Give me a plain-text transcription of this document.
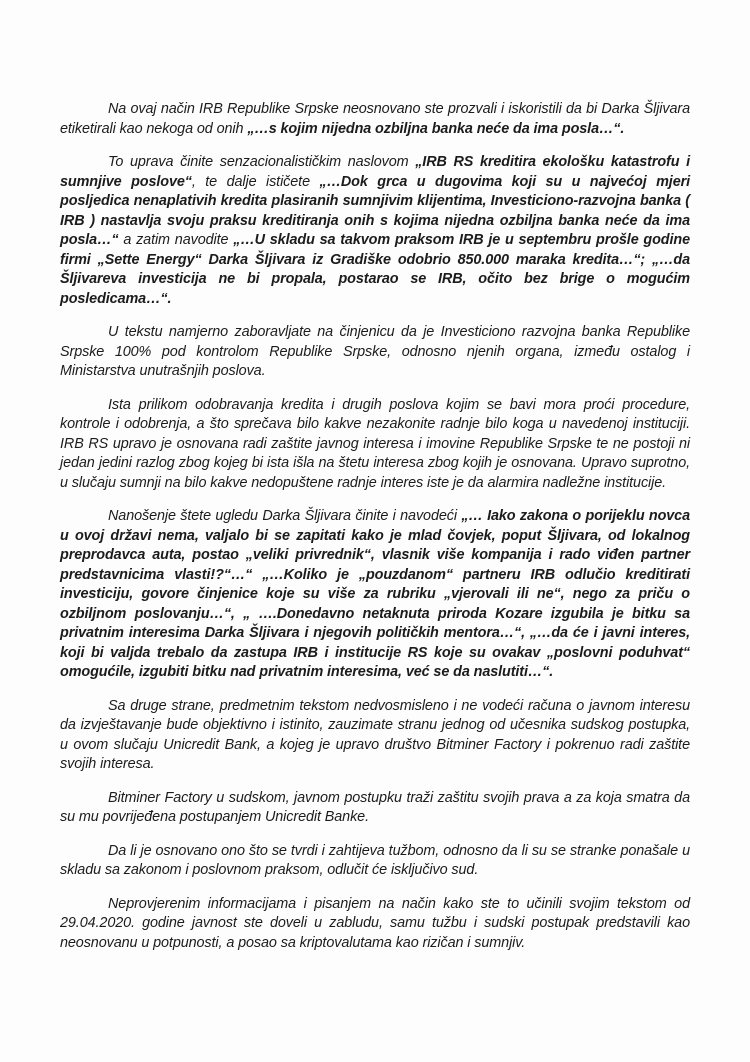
Na ovaj način IRB Republike Srpske neosnovano ste prozvali i iskoristili da bi Darka Šljivara etiketirali kao nekoga od onih „…s kojim nijedna ozbiljna banka neće da ima posla…“.

To uprava činite senzacionalističkim naslovom „IRB RS kreditira ekološku katastrofu i sumnjive poslove“, te dalje ističete „…Dok grca u dugovima koji su u najvećoj mjeri posljedica nenaplativih kredita plasiranih sumnjivim klijentima, Investiciono-razvojna banka ( IRB ) nastavlja svoju praksu kreditiranja onih s kojima nijedna ozbiljna banka neće da ima posla…“ a zatim navodite „…U skladu sa takvom praksom IRB je u septembru prošle godine firmi „Sette Energy“ Darka Šljivara iz Gradiške odobrio 850.000 maraka kredita…“; „…da Šljivareva investicija ne bi propala, postarao se IRB, očito bez brige o mogućim posledicama…“.

U tekstu namjerno zaboravljate na činjenicu da je Investiciono razvojna banka Republike Srpske 100% pod kontrolom Republike Srpske, odnosno njenih organa, između ostalog i Ministarstva unutrašnjih poslova.

Ista prilikom odobravanja kredita i drugih poslova kojim se bavi mora proći procedure, kontrole i odobrenja, a što sprečava bilo kakve nezakonite radnje bilo koga u navedenoj instituciji. IRB RS upravo je osnovana radi zaštite javnog interesa i imovine Republike Srpske te ne postoji ni jedan jedini razlog zbog kojeg bi ista išla na štetu interesa zbog kojih je osnovana. Upravo suprotno, u slučaju sumnji na bilo kakve nedopuštene radnje interes iste je da alarmira nadležne institucije.

Nanošenje štete ugledu Darka Šljivara činite i navodeći „… Iako zakona o porijeklu novca u ovoj državi nema, valjalo bi se zapitati kako je mlad čovjek, poput Šljivara, od lokalnog preprodavca auta, postao „veliki privrednik“, vlasnik više kompanija i rado viđen partner predstavnicima vlasti!?“…“ „…Koliko je „pouzdanom“ partneru IRB odlučio kreditirati investiciju, govore činjenice koje su više za rubriku „vjerovali ili ne“, nego za priču o ozbiljnom poslovanju…“, „ ….Donedavno netaknuta priroda Kozare izgubila je bitku sa privatnim interesima Darka Šljivara i njegovih političkih mentora…“, „…da će i javni interes, koji bi valjda trebalo da zastupa IRB i institucije RS koje su ovakav „poslovni poduhvat“ omogućile, izgubiti bitku nad privatnim interesima, već se da naslutiti…“.

Sa druge strane, predmetnim tekstom nedvosmisleno i ne vodeći računa o javnom interesu da izvještavanje bude objektivno i istinito, zauzimate stranu jednog od učesnika sudskog postupka, u ovom slučaju Unicredit Bank, a kojeg je upravo društvo Bitminer Factory i pokrenuo radi zaštite svojih interesa.

Bitminer Factory u sudskom, javnom postupku traži zaštitu svojih prava a za koja smatra da su mu povrijeđena postupanjem Unicredit Banke.

Da li je osnovano ono što se tvrdi i zahtijeva tužbom, odnosno da li su se stranke ponašale u skladu sa zakonom i poslovnom praksom, odlučit će isključivo sud.

Neprovjerenim informacijama i pisanjem na način kako ste to učinili svojim tekstom od 29.04.2020. godine javnost ste doveli u zabludu, samu tužbu i sudski postupak predstavili kao neosnovanu u potpunosti, a posao sa kriptovalutama kao rizičan i sumnjiv.
